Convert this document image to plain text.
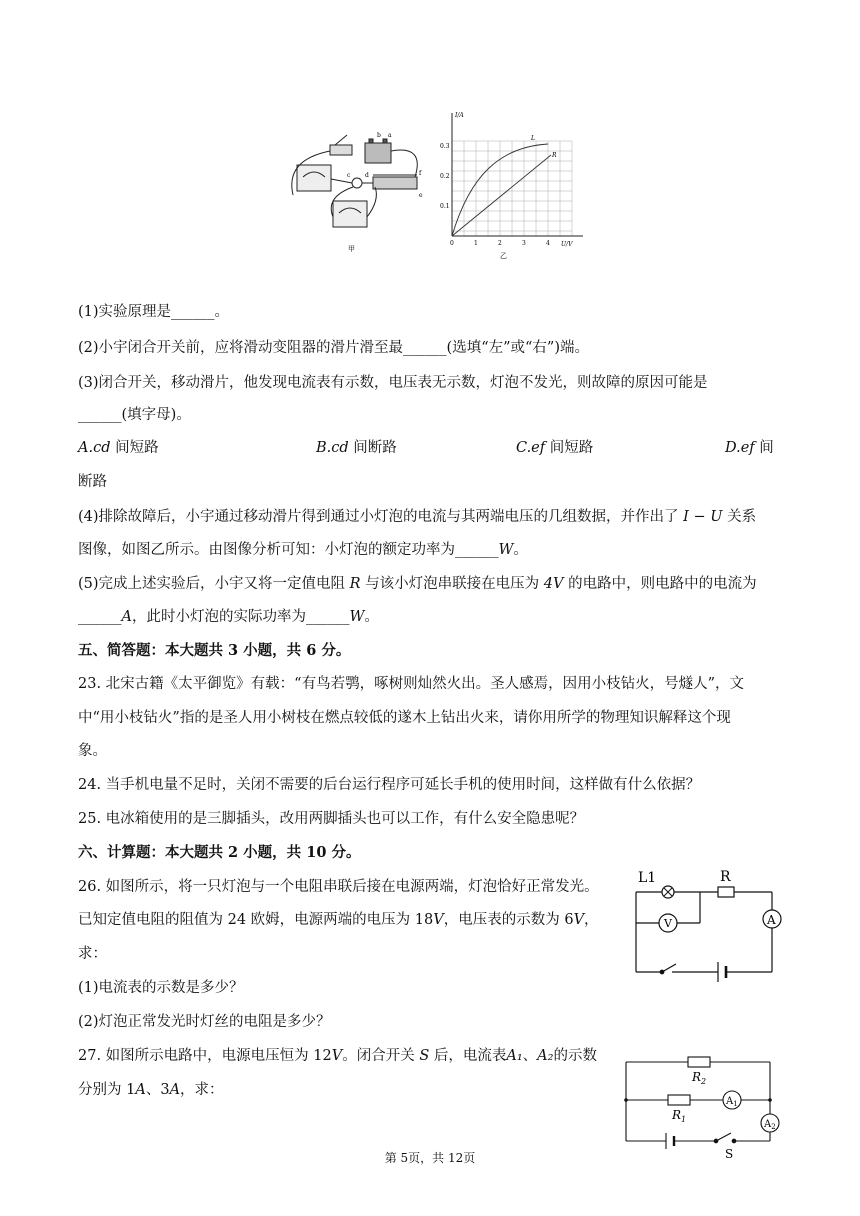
b a
c d
e
f
甲
L
R
I/A
U/V
0.1
0.2
0.3
0	1	2	3	4
乙
(1)实验原理是______。
(2)小宇闭合开关前，应将滑动变阻器的滑片滑至最______(选填“左”或“右”)端。
(3)闭合开关，移动滑片，他发现电流表有示数，电压表无示数，灯泡不发光，则故障的原因可能是
______(填字母)。
A.cd 间短路	B.cd 间断路	C.ef 间短路	D.ef 间
断路
(4)排除故障后，小宇通过移动滑片得到通过小灯泡的电流与其两端电压的几组数据，并作出了 I − U 关系
图像，如图乙所示。由图像分析可知：小灯泡的额定功率为______W。
(5)完成上述实验后，小宇又将一定值电阻 R 与该小灯泡串联接在电压为 4V 的电路中，则电路中的电流为
______A，此时小灯泡的实际功率为______W。
五、简答题：本大题共 3 小题，共 6 分。
23. 北宋古籍《太平御览》有载：“有鸟若鹗，啄树则灿然火出。圣人感焉，因用小枝钻火，号燧人”，文
中“用小枝钻火”指的是圣人用小树枝在燃点较低的遂木上钻出火来，请你用所学的物理知识解释这个现
象。
24. 当手机电量不足时，关闭不需要的后台运行程序可延长手机的使用时间，这样做有什么依据？
25. 电冰箱使用的是三脚插头，改用两脚插头也可以工作，有什么安全隐患呢？
六、计算题：本大题共 2 小题，共 10 分。
26. 如图所示，将一只灯泡与一个电阻串联后接在电源两端，灯泡恰好正常发光。
已知定值电阻的阻值为 24 欧姆，电源两端的电压为 18V，电压表的示数为 6V，
求：
(1)电流表的示数是多少？
(2)灯泡正常发光时灯丝的电阻是多少？
L1	R
V	A
27. 如图所示电路中，电源电压恒为 12V。闭合开关 S 后，电流表A₁、A₂的示数
分别为 1A、3A，求：
$R_2$
$R_1$
$A_1$
$A_2$
S
第 5页，共 12页
